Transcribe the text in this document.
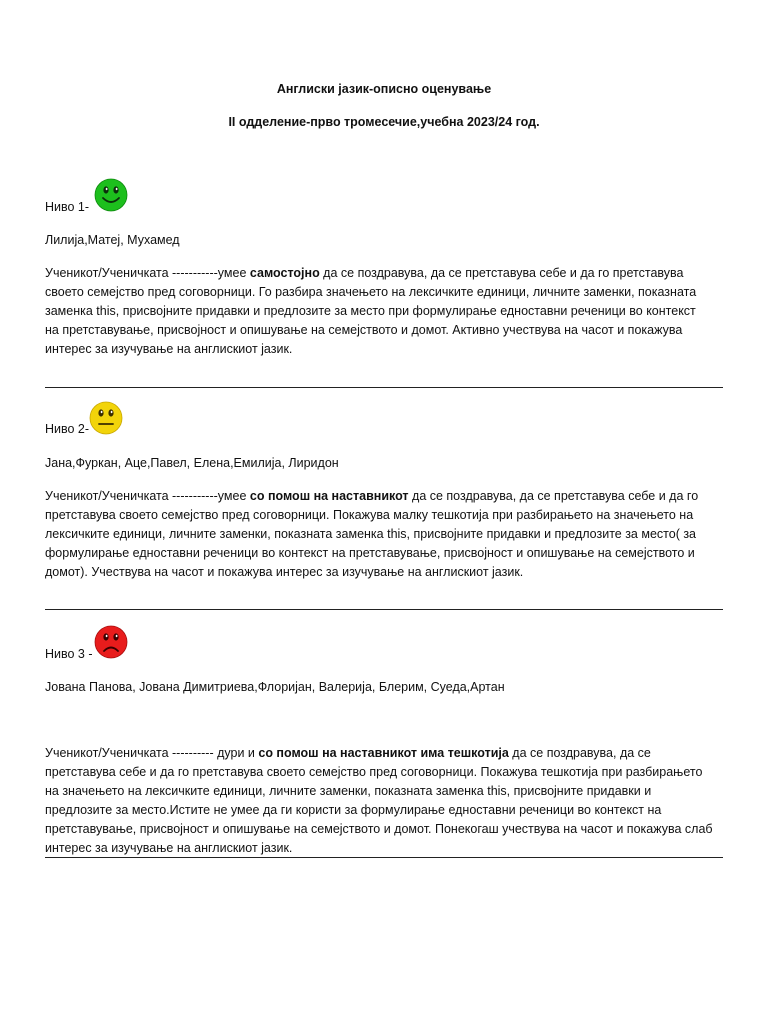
Англиски јазик-описно оценување
II одделение-прво тромесечие,учебна 2023/24 год.
Ниво 1-
Лилија,Матеј, Мухамед
Ученикот/Ученичката -----------умее самостојно да се поздравува, да се претставува себе и да го претставува
своето семејство пред соговорници. Го разбира значењето на лексичките единици, личните заменки, показната
заменка this, присвојните придавки и предлозите за место при формулирање едноставни реченици во контекст
на претставување, присвојност и опишување на семејството и домот. Активно учествува на часот и покажува
интерес за изучување на англискиот јазик.
Ниво 2-
Јана,Фуркан, Аце,Павел, Елена,Емилија, Лиридон
Ученикот/Ученичката -----------умее со помош на наставникот да се поздравува, да се претставува себе и да го
претставува своето семејство пред соговорници. Покажува малку тешкотија при разбирањето на значењето на
лексичките единици, личните заменки, показната заменка this, присвојните придавки и предлозите за место( за
формулирање едноставни реченици во контекст на претставување, присвојност и опишување на семејството и
домот). Учествува на часот и покажува интерес за изучување на англискиот јазик.
Ниво 3 -
Јована Панова, Јована Димитриева,Флоријан, Валерија, Блерим, Суеда,Артан
Ученикот/Ученичката ---------- дури и со помош на наставникот има тешкотија да се поздравува, да се
претставува себе и да го претставува своето семејство пред соговорници. Покажува тешкотија при разбирањето
на значењето на лексичките единици, личните заменки, показната заменка this, присвојните придавки и
предлозите за место.Истите не умее да ги користи за формулирање едноставни реченици во контекст на
претставување, присвојност и опишување на семејството и домот. Понекогаш учествува на часот и покажува слаб
интерес за изучување на англискиот јазик.
